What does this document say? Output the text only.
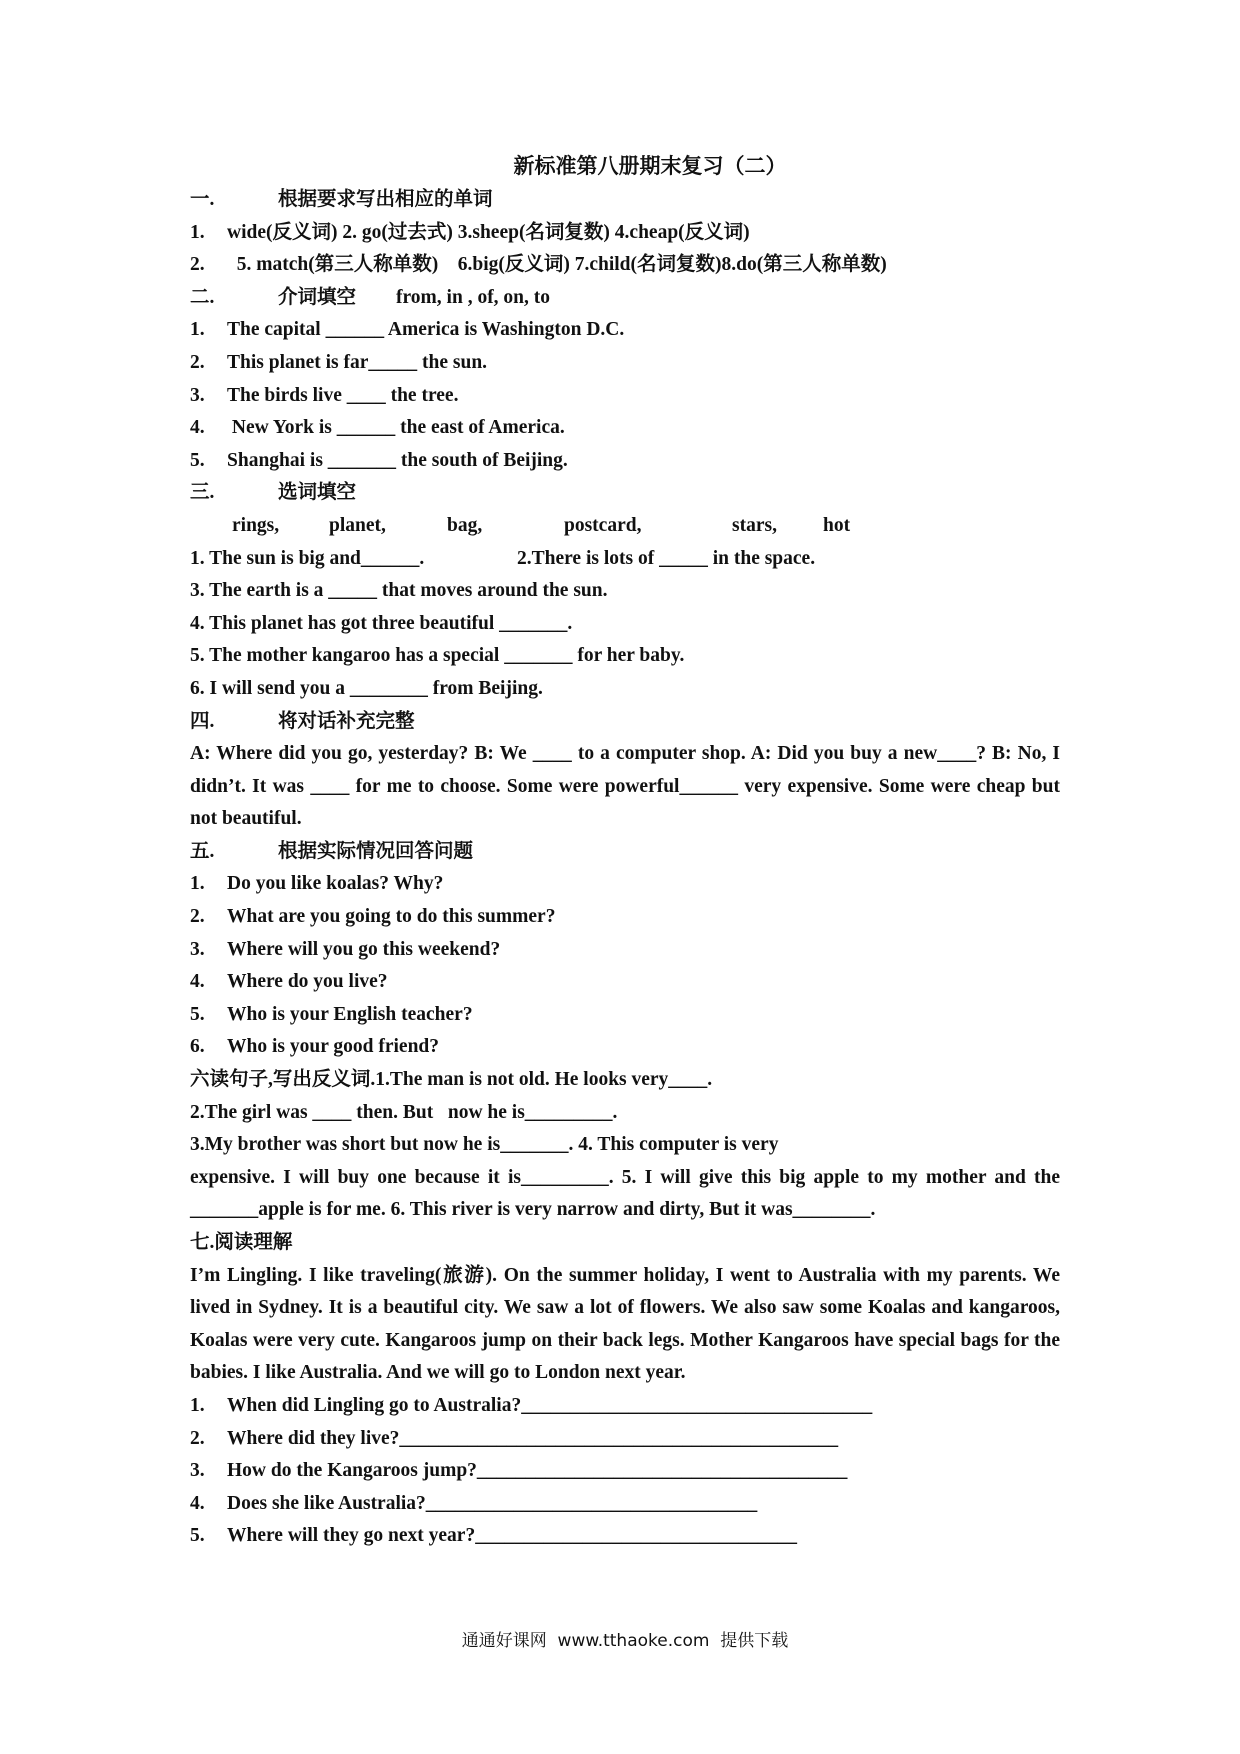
新标准第八册期末复习（二）
一.	根据要求写出相应的单词
1. wide(反义词) 2. go(过去式) 3.sheep(名词复数) 4.cheap(反义词)
2.  5. match(第三人称单数)    6.big(反义词) 7.child(名词复数)8.do(第三人称单数)
二.	介词填空 from, in , of, on, to
1. The capital ______ America is Washington D.C.
2. This planet is far_____ the sun.
3. The birds live ____ the tree.
4. New York is ______ the east of America.
5. Shanghai is _______ the south of Beijing.
三.	选词填空
rings,	planet,	bag,	postcard,	stars, hot
1. The sun is big and______.	2.There is lots of _____ in the space.
3. The earth is a _____ that moves around the sun.
4. This planet has got three beautiful _______.
5. The mother kangaroo has a special _______ for her baby.
6. I will send you a ________ from Beijing.
四.	将对话补充完整
A: Where did you go, yesterday? B: We ____ to a computer shop. A: Did you buy a new____? B: No, I didn’t. It was ____ for me to choose. Some were powerful______ very expensive. Some were cheap but not beautiful.
五.	根据实际情况回答问题
1. Do you like koalas? Why?
2. What are you going to do this summer?
3. Where will you go this weekend?
4. Where do you live?
5. Who is your English teacher?
6. Who is your good friend?
六读句子,写出反义词.1.The man is not old. He looks very____.
2.The girl was ____ then. But   now he is_________.
3.My brother was short but now he is_______. 4. This computer is very
expensive. I will buy one because it is_________. 5. I will give this big apple to my mother and the _______apple is for me. 6. This river is very narrow and dirty, But it was________.
七.阅读理解
I’m Lingling. I like traveling(旅游). On the summer holiday, I went to Australia with my parents. We lived in Sydney. It is a beautiful city. We saw a lot of flowers. We also saw some Koalas and kangaroos, Koalas were very cute. Kangaroos jump on their back legs. Mother Kangaroos have special bags for the babies. I like Australia. And we will go to London next year.
1. When did Lingling go to Australia?____________________________________
2. Where did they live?_____________________________________________
3. How do the Kangaroos jump?______________________________________
4. Does she like Australia?__________________________________
5. Where will they go next year?_________________________________
通通好课网  www.tthaoke.com  提供下载
